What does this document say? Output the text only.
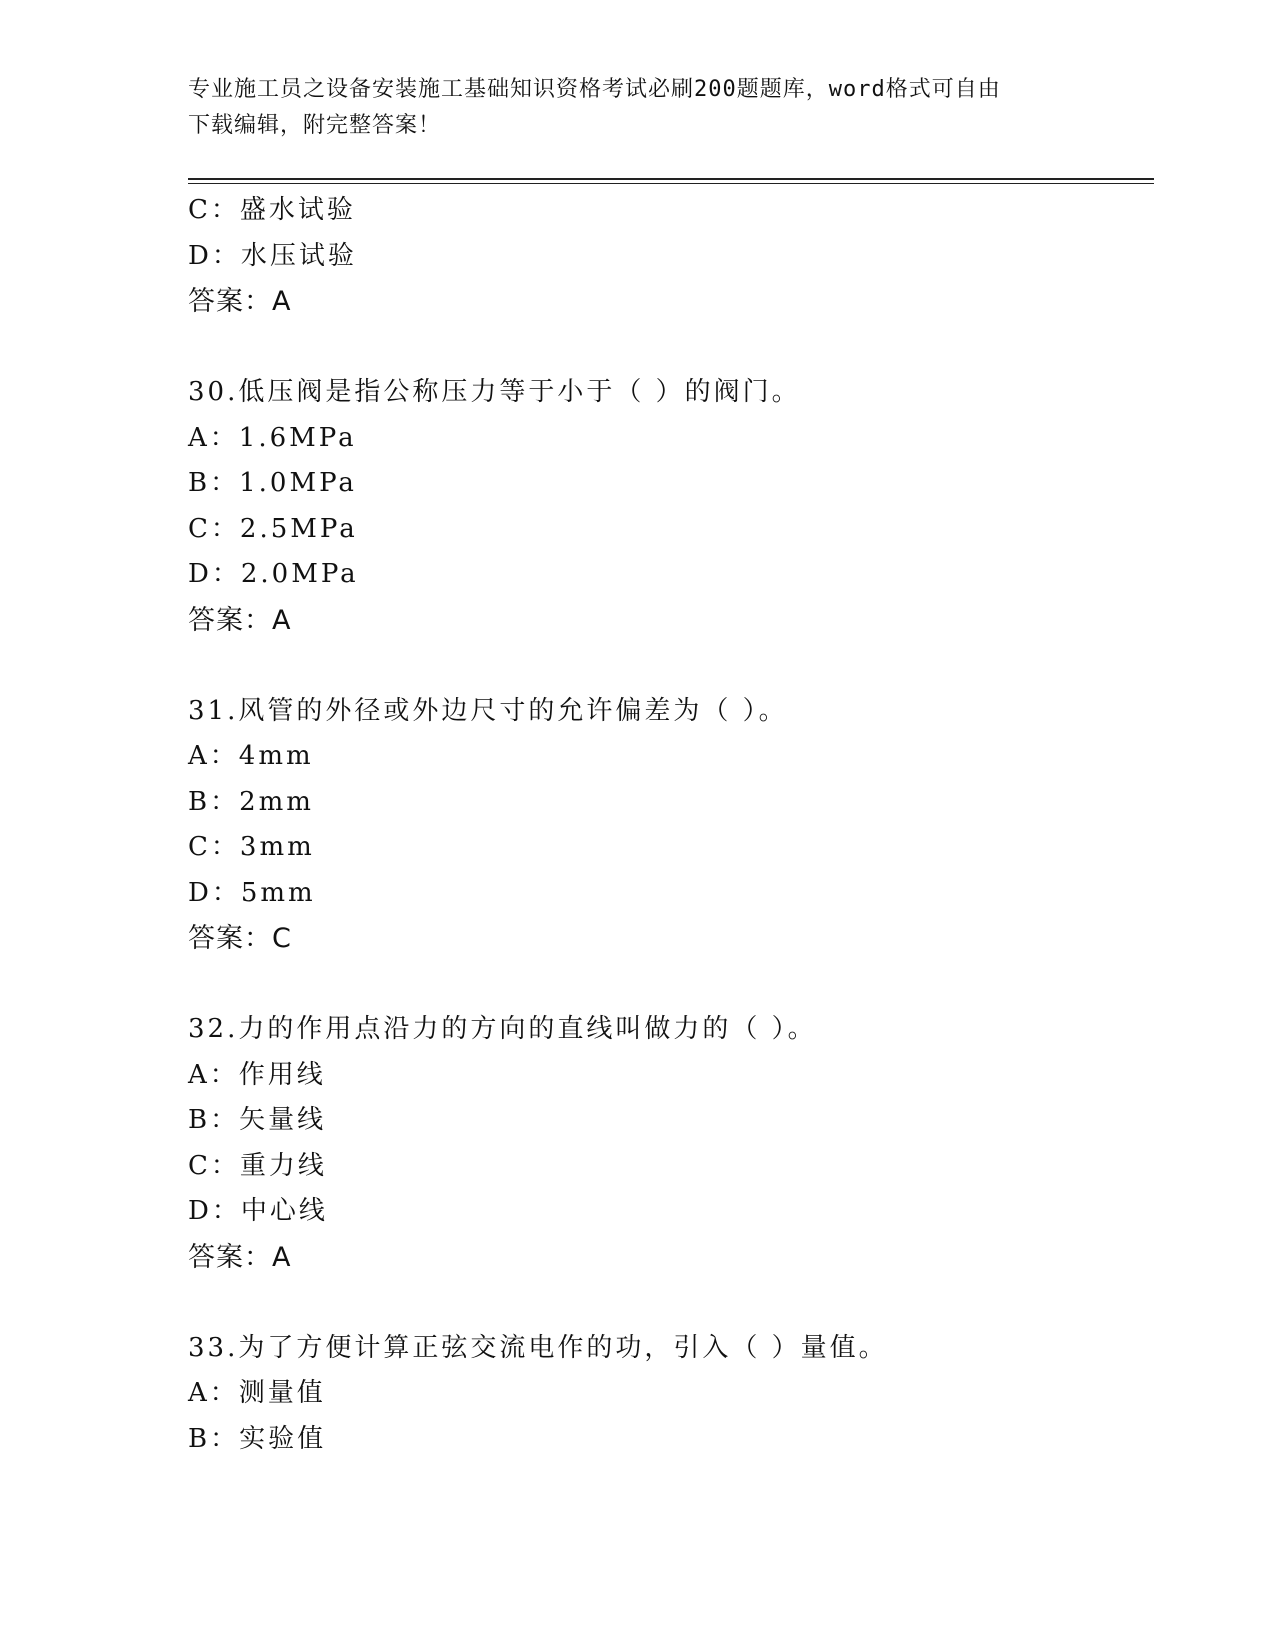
专业施工员之设备安装施工基础知识资格考试必刷200题题库，word格式可自由
下载编辑，附完整答案！
C：盛水试验
D：水压试验
答案：A
30.低压阀是指公称压力等于小于（ ）的阀门。
A：1.6MPa
B：1.0MPa
C：2.5MPa
D：2.0MPa
答案：A
31.风管的外径或外边尺寸的允许偏差为（ ）。
A：4mm
B：2mm
C：3mm
D：5mm
答案：C
32.力的作用点沿力的方向的直线叫做力的（ ）。
A：作用线
B：矢量线
C：重力线
D：中心线
答案：A
33.为了方便计算正弦交流电作的功，引入（ ）量值。
A：测量值
B：实验值
